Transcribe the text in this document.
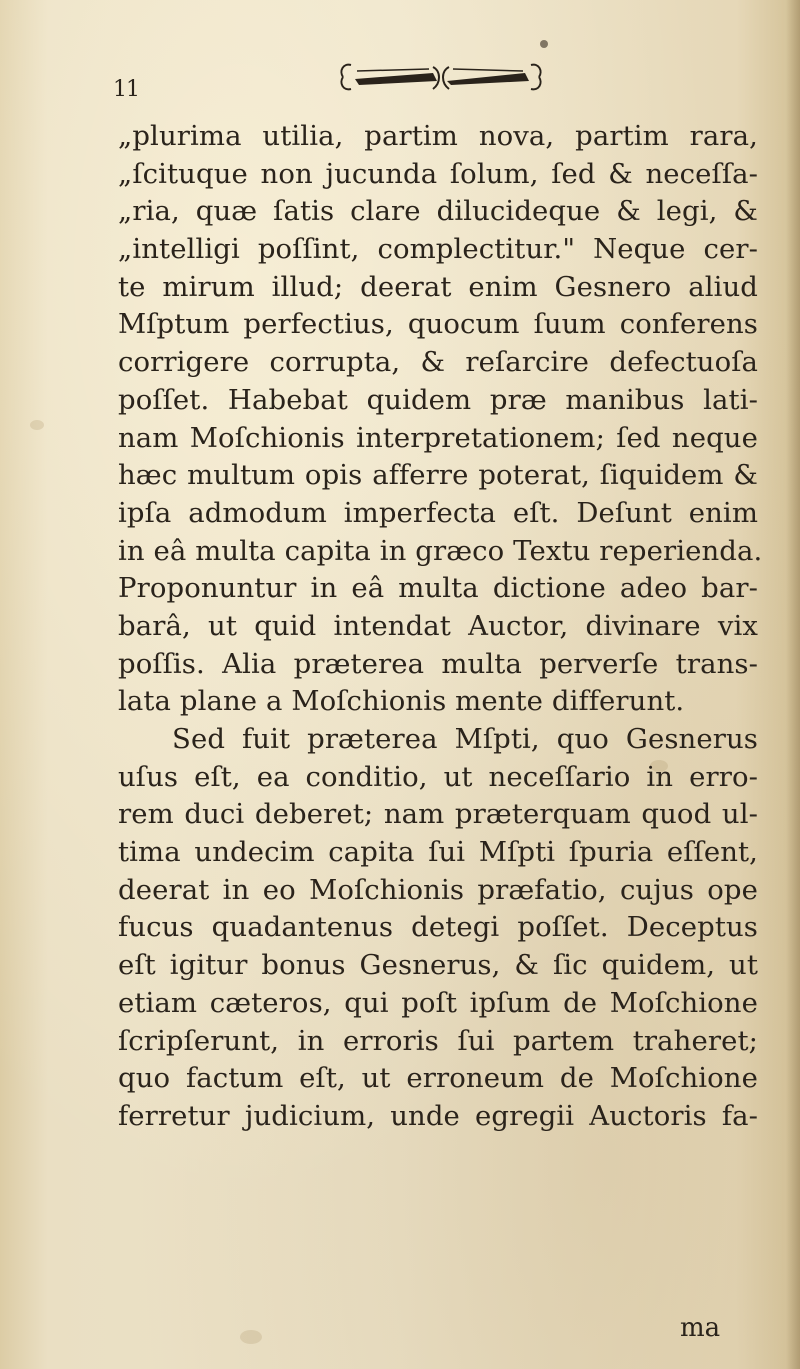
11
„plurima utilia, partim nova, partim rara,
„ſcituque non jucunda ſolum, ſed & neceſſa-
„ria, quæ ſatis clare dilucideque & legi, &
„intelligi poſſint, complectitur." Neque cer-
te mirum illud; deerat enim Gesnero aliud
Mſptum perfectius, quocum ſuum conferens
corrigere corrupta, & reſarcire defectuoſa
poſſet. Habebat quidem præ manibus lati-
nam Moſchionis interpretationem; ſed neque
hæc multum opis afferre poterat, ſiquidem &
ipſa admodum imperfecta eſt. Deſunt enim
in eâ multa capita in græco Textu reperienda.
Proponuntur in eâ multa dictione adeo bar-
barâ, ut quid intendat Auctor, divinare vix
poſſis. Alia præterea multa perverſe trans-
lata plane a Moſchionis mente differunt.
Sed fuit præterea Mſpti, quo Gesnerus
uſus eſt, ea conditio, ut neceſſario in erro-
rem duci deberet; nam præterquam quod ul-
tima undecim capita ſui Mſpti ſpuria eſſent,
deerat in eo Moſchionis præfatio, cujus ope
fucus quadantenus detegi poſſet. Deceptus
eſt igitur bonus Gesnerus, & ſic quidem, ut
etiam cæteros, qui poſt ipſum de Moſchione
ſcripſerunt, in erroris ſui partem traheret;
quo factum eſt, ut erroneum de Moſchione
ferretur judicium, unde egregii Auctoris fa-
ma
